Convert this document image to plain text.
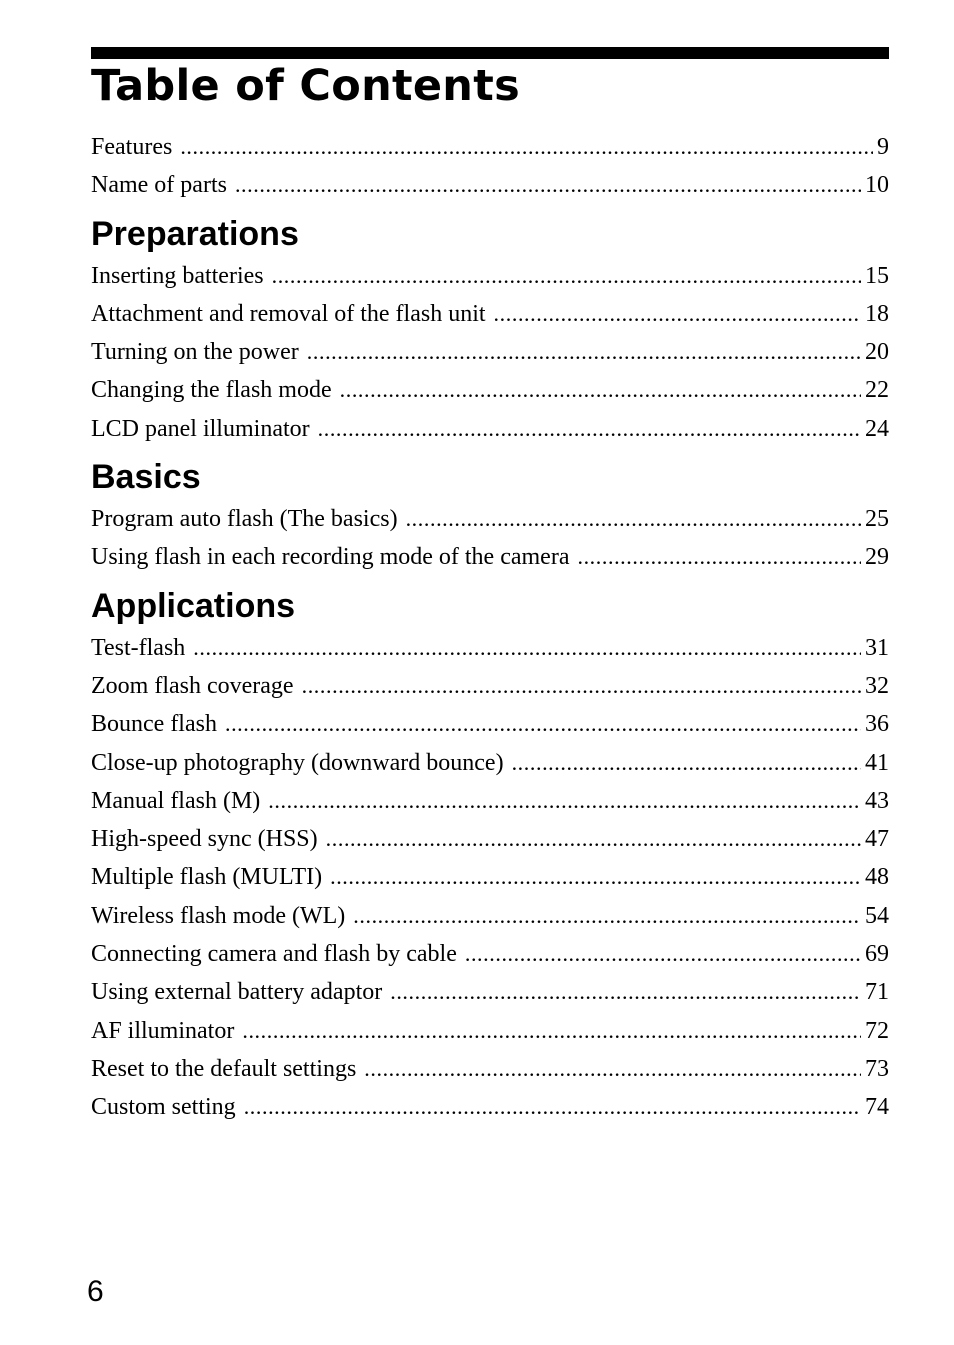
Table of Contents
Features .....	9
Name of parts .....	10
Preparations
Inserting batteries .....	15
Attachment and removal of the flash unit .....	18
Turning on the power .....	20
Changing the flash mode .....	22
LCD panel illuminator .....	24
Basics
Program auto flash (The basics) .....	25
Using flash in each recording mode of the camera .....	29
Applications
Test-flash .....	31
Zoom flash coverage .....	32
Bounce flash .....	36
Close-up photography (downward bounce) .....	41
Manual flash (M) .....	43
High-speed sync (HSS) .....	47
Multiple flash (MULTI) .....	48
Wireless flash mode (WL) .....	54
Connecting camera and flash by cable .....	69
Using external battery adaptor .....	71
AF illuminator .....	72
Reset to the default settings .....	73
Custom setting .....	74
6
